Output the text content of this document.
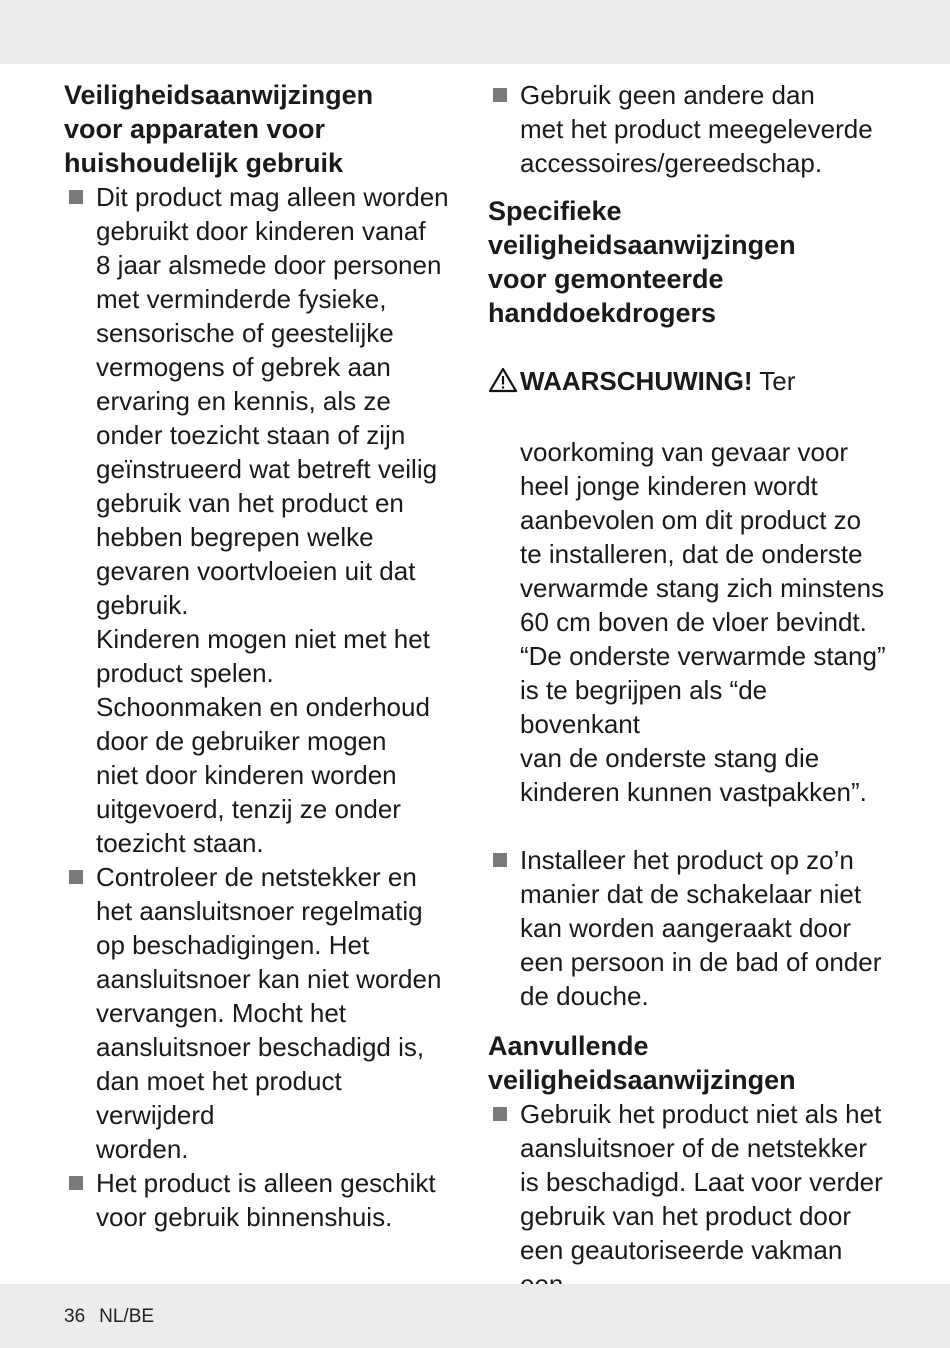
Veiligheidsaanwijzingen
voor apparaten voor
huishoudelijk gebruik
Dit product mag alleen worden
gebruikt door kinderen vanaf
8 jaar alsmede door personen
met verminderde fysieke,
sensorische of geestelijke
vermogens of gebrek aan
ervaring en kennis, als ze
onder toezicht staan of zijn
geïnstrueerd wat betreft veilig
gebruik van het product en
hebben begrepen welke
gevaren voortvloeien uit dat
gebruik.
Kinderen mogen niet met het
product spelen.
Schoonmaken en onderhoud
door de gebruiker mogen
niet door kinderen worden
uitgevoerd, tenzij ze onder
toezicht staan.
Controleer de netstekker en
het aansluitsnoer regelmatig
op beschadigingen. Het
aansluitsnoer kan niet worden
vervangen. Mocht het
aansluitsnoer beschadigd is,
dan moet het product verwijderd
worden.
Het product is alleen geschikt
voor gebruik binnenshuis.
Gebruik geen andere dan
met het product meegeleverde
accessoires/gereedschap.
Specifieke
veiligheidsaanwijzingen
voor gemonteerde
handdoekdrogers

WAARSCHUWING! Ter

voorkoming van gevaar voor
heel jonge kinderen wordt
aanbevolen om dit product zo
te installeren, dat de onderste
verwarmde stang zich minstens
60 cm boven de vloer bevindt.
“De onderste verwarmde stang”
is te begrijpen als “de bovenkant
van de onderste stang die
kinderen kunnen vastpakken”.

Installeer het product op zo’n
manier dat de schakelaar niet
kan worden aangeraakt door
een persoon in de bad of onder
de douche.
Aanvullende
veiligheidsaanwijzingen
Gebruik het product niet als het
aansluitsnoer of de netstekker
is beschadigd. Laat voor verder
gebruik van het product door
een geautoriseerde vakman

36 NL/BE
